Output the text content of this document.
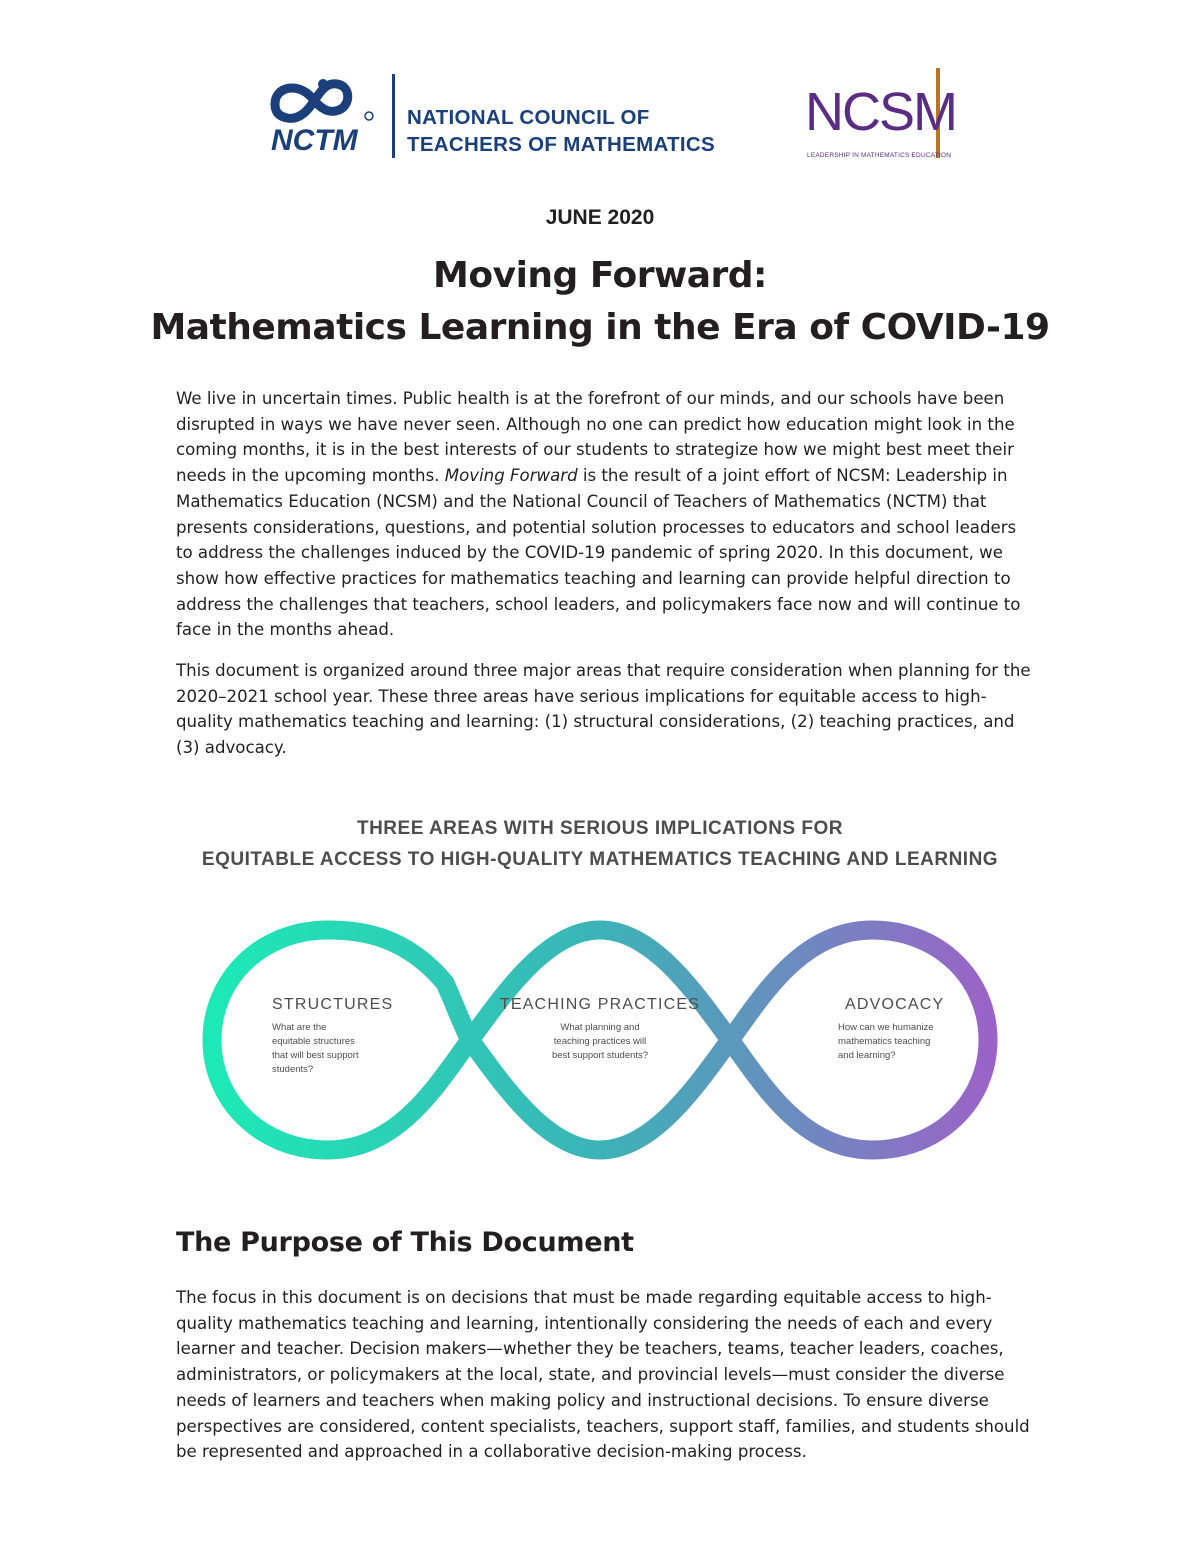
NCTM
NATIONAL COUNCIL OF
TEACHERS OF MATHEMATICS
NCSM
LEADERSHIP IN MATHEMATICS EDUCATION
JUNE 2020
Moving Forward:
Mathematics Learning in the Era of COVID-19

We live in uncertain times. Public health is at the forefront of our minds, and our schools have been disrupted in ways we have never seen. Although no one can predict how education might look in the coming months, it is in the best interests of our students to strategize how we might best meet their needs in the upcoming months. Moving Forward is the result of a joint effort of NCSM: Leadership in Mathematics Education (NCSM) and the National Council of Teachers of Mathematics (NCTM) that presents considerations, questions, and potential solution processes to educators and school leaders to address the challenges induced by the COVID-19 pandemic of spring 2020. In this document, we show how effective practices for mathematics teaching and learning can provide helpful direction to address the challenges that teachers, school leaders, and policymakers face now and will continue to face in the months ahead.

This document is organized around three major areas that require consideration when planning for the 2020–2021 school year. These three areas have serious implications for equitable access to high-quality mathematics teaching and learning: (1) structural considerations, (2) teaching practices, and (3) advocacy.

THREE AREAS WITH SERIOUS IMPLICATIONS FOR
EQUITABLE ACCESS TO HIGH-QUALITY MATHEMATICS TEACHING AND LEARNING
STRUCTURES

What are the
equitable structures
that will best support
students?

TEACHING PRACTICES

What planning and
teaching practices will
best support students?

ADVOCACY

How can we humanize
mathematics teaching
and learning?

The Purpose of This Document

The focus in this document is on decisions that must be made regarding equitable access to high-quality mathematics teaching and learning, intentionally considering the needs of each and every learner and teacher. Decision makers—whether they be teachers, teams, teacher leaders, coaches, administrators, or policymakers at the local, state, and provincial levels—must consider the diverse needs of learners and teachers when making policy and instructional decisions. To ensure diverse perspectives are considered, content specialists, teachers, support staff, families, and students should be represented and approached in a collaborative decision-making process.
